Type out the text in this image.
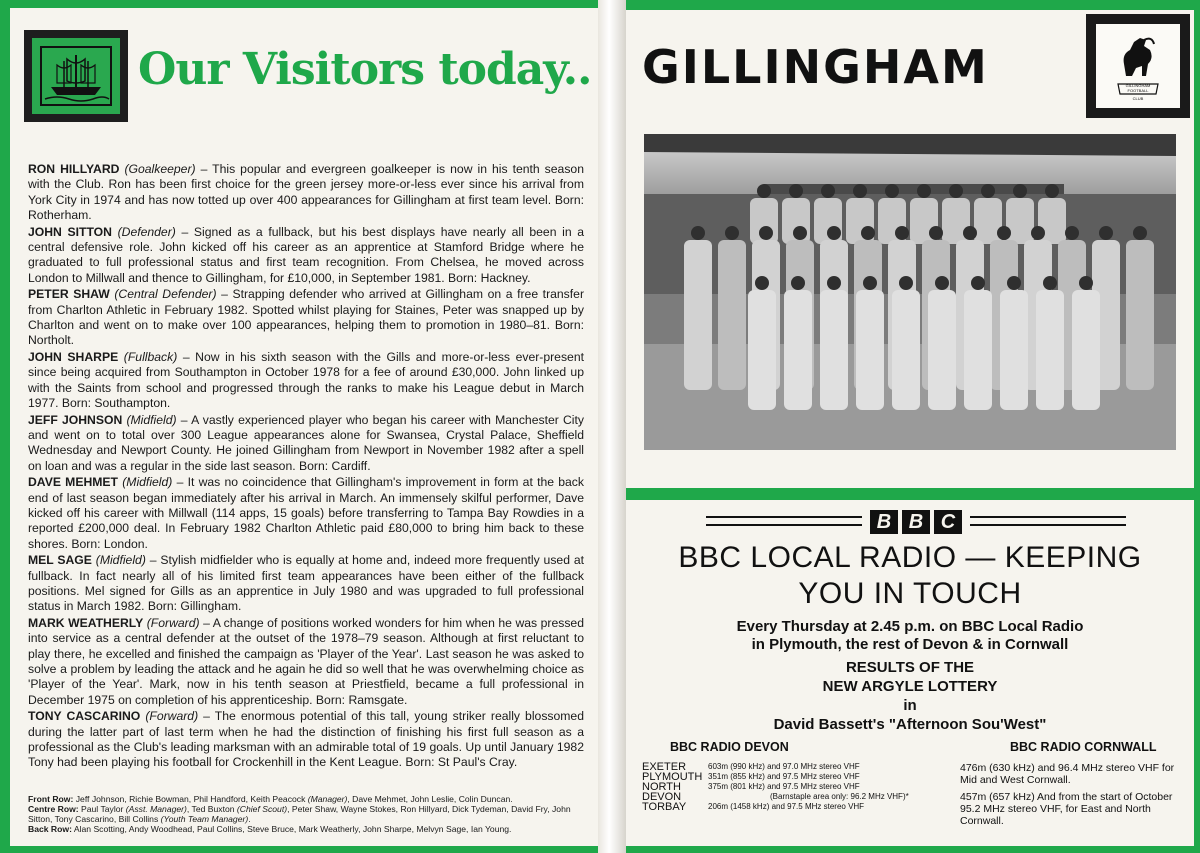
Our Visitors today..

RON HILLYARD (Goalkeeper) – This popular and evergreen goalkeeper is now in his tenth season with the Club. Ron has been first choice for the green jersey more-or-less ever since his arrival from York City in 1974 and has now totted up over 400 appearances for Gillingham at first team level. Born: Rotherham.

JOHN SITTON (Defender) – Signed as a fullback, but his best displays have nearly all been in a central defensive role. John kicked off his career as an apprentice at Stamford Bridge where he graduated to full professional status and first team recognition. From Chelsea, he moved across London to Millwall and thence to Gillingham, for £10,000, in September 1981. Born: Hackney.

PETER SHAW (Central Defender) – Strapping defender who arrived at Gillingham on a free transfer from Charlton Athletic in February 1982. Spotted whilst playing for Staines, Peter was snapped up by Charlton and went on to make over 100 appearances, helping them to promotion in 1980–81. Born: Northolt.

JOHN SHARPE (Fullback) – Now in his sixth season with the Gills and more-or-less ever-present since being acquired from Southampton in October 1978 for a fee of around £30,000. John linked up with the Saints from school and progressed through the ranks to make his League debut in March 1977. Born: Southampton.

JEFF JOHNSON (Midfield) – A vastly experienced player who began his career with Manchester City and went on to total over 300 League appearances alone for Swansea, Crystal Palace, Sheffield Wednesday and Newport County. He joined Gillingham from Newport in November 1982 after a spell on loan and was a regular in the side last season. Born: Cardiff.

DAVE MEHMET (Midfield) – It was no coincidence that Gillingham's improvement in form at the back end of last season began immediately after his arrival in March. An immensely skilful performer, Dave kicked off his career with Millwall (114 apps, 15 goals) before transferring to Tampa Bay Rowdies in a reported £200,000 deal. In February 1982 Charlton Athletic paid £80,000 to bring him back to these shores. Born: London.

MEL SAGE (Midfield) – Stylish midfielder who is equally at home and, indeed more frequently used at fullback. In fact nearly all of his limited first team appearances have been either of the fullback positions. Mel signed for Gills as an apprentice in July 1980 and was upgraded to full professional status in March 1982. Born: Gillingham.

MARK WEATHERLY (Forward) – A change of positions worked wonders for him when he was pressed into service as a central defender at the outset of the 1978–79 season. Although at first reluctant to play there, he excelled and finished the campaign as 'Player of the Year'. Last season he was asked to solve a problem by leading the attack and he again he did so well that he was overwhelming choice as 'Player of the Year'. Mark, now in his tenth season at Priestfield, became a full professional in December 1975 on completion of his apprenticeship. Born: Ramsgate.

TONY CASCARINO (Forward) – The enormous potential of this tall, young striker really blossomed during the latter part of last term when he had the distinction of finishing his first full season as a professional as the Club's leading marksman with an admirable total of 19 goals. Up until January 1982 Tony had been playing his football for Crockenhill in the Kent League. Born: St Paul's Cray.

Front Row: Jeff Johnson, Richie Bowman, Phil Handford, Keith Peacock (Manager), Dave Mehmet, John Leslie, Colin Duncan.
Centre Row: Paul Taylor (Asst. Manager), Ted Buxton (Chief Scout), Peter Shaw, Wayne Stokes, Ron Hillyard, Dick Tydeman, David Fry, John Sitton, Tony Cascarino, Bill Collins (Youth Team Manager).
Back Row: Alan Scotting, Andy Woodhead, Paul Collins, Steve Bruce, Mark Weatherly, John Sharpe, Melvyn Sage, Ian Young.
GILLINGHAM	GILLINGHAM
FOOTBALL
CLUB
B B C
BBC LOCAL RADIO — KEEPING
YOU IN TOUCH
Every Thursday at 2.45 p.m. on BBC Local Radio
in Plymouth, the rest of Devon & in Cornwall
RESULTS OF THE
NEW ARGYLE LOTTERY
in
David Bassett's "Afternoon Sou'West"
BBC RADIO DEVON	BBC RADIO CORNWALL
EXETER	603m (990 kHz) and 97.0 MHz stereo VHF
PLYMOUTH 351m (855 kHz) and 97.5 MHz stereo VHF
NORTH	375m (801 kHz) and 97.5 MHz stereo VHF
DEVON	(Barnstaple area only: 96.2 MHz VHF)*
TORBAY	206m (1458 kHz) and 97.5 MHz stereo VHF

476m (630 kHz) and 96.4 MHz stereo VHF for Mid and West Cornwall.

457m (657 kHz) And from the start of October 95.2 MHz stereo VHF, for East and North Cornwall.
